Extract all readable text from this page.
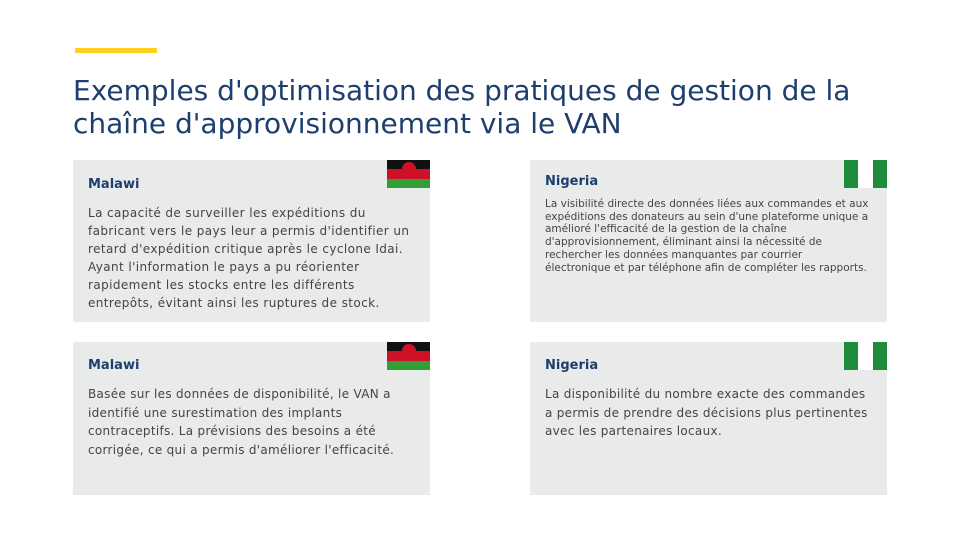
Exemples d'optimisation des pratiques de gestion de la chaîne d'approvisionnement via le VAN
Malawi
La capacité de surveiller les expéditions du fabricant vers le pays leur a permis d'identifier un retard d'expédition critique après le cyclone Idai. Ayant l'information le pays a pu réorienter rapidement les stocks entre les différents entrepôts, évitant ainsi les ruptures de stock.
Nigeria
La visibilité directe des données liées aux commandes et aux expéditions des donateurs au sein d'une plateforme unique a amélioré l'efficacité de la gestion de la chaîne d'approvisionnement, éliminant ainsi la nécessité de rechercher les données manquantes par courrier électronique et par téléphone afin de compléter les rapports.
Malawi
Basée sur les données de disponibilité, le VAN a identifié une surestimation des implants contraceptifs. La prévisions des besoins a été corrigée, ce qui a permis d'améliorer l'efficacité.
Nigeria
La disponibilité du nombre exacte des commandes a permis de prendre des décisions plus pertinentes avec les partenaires locaux.
